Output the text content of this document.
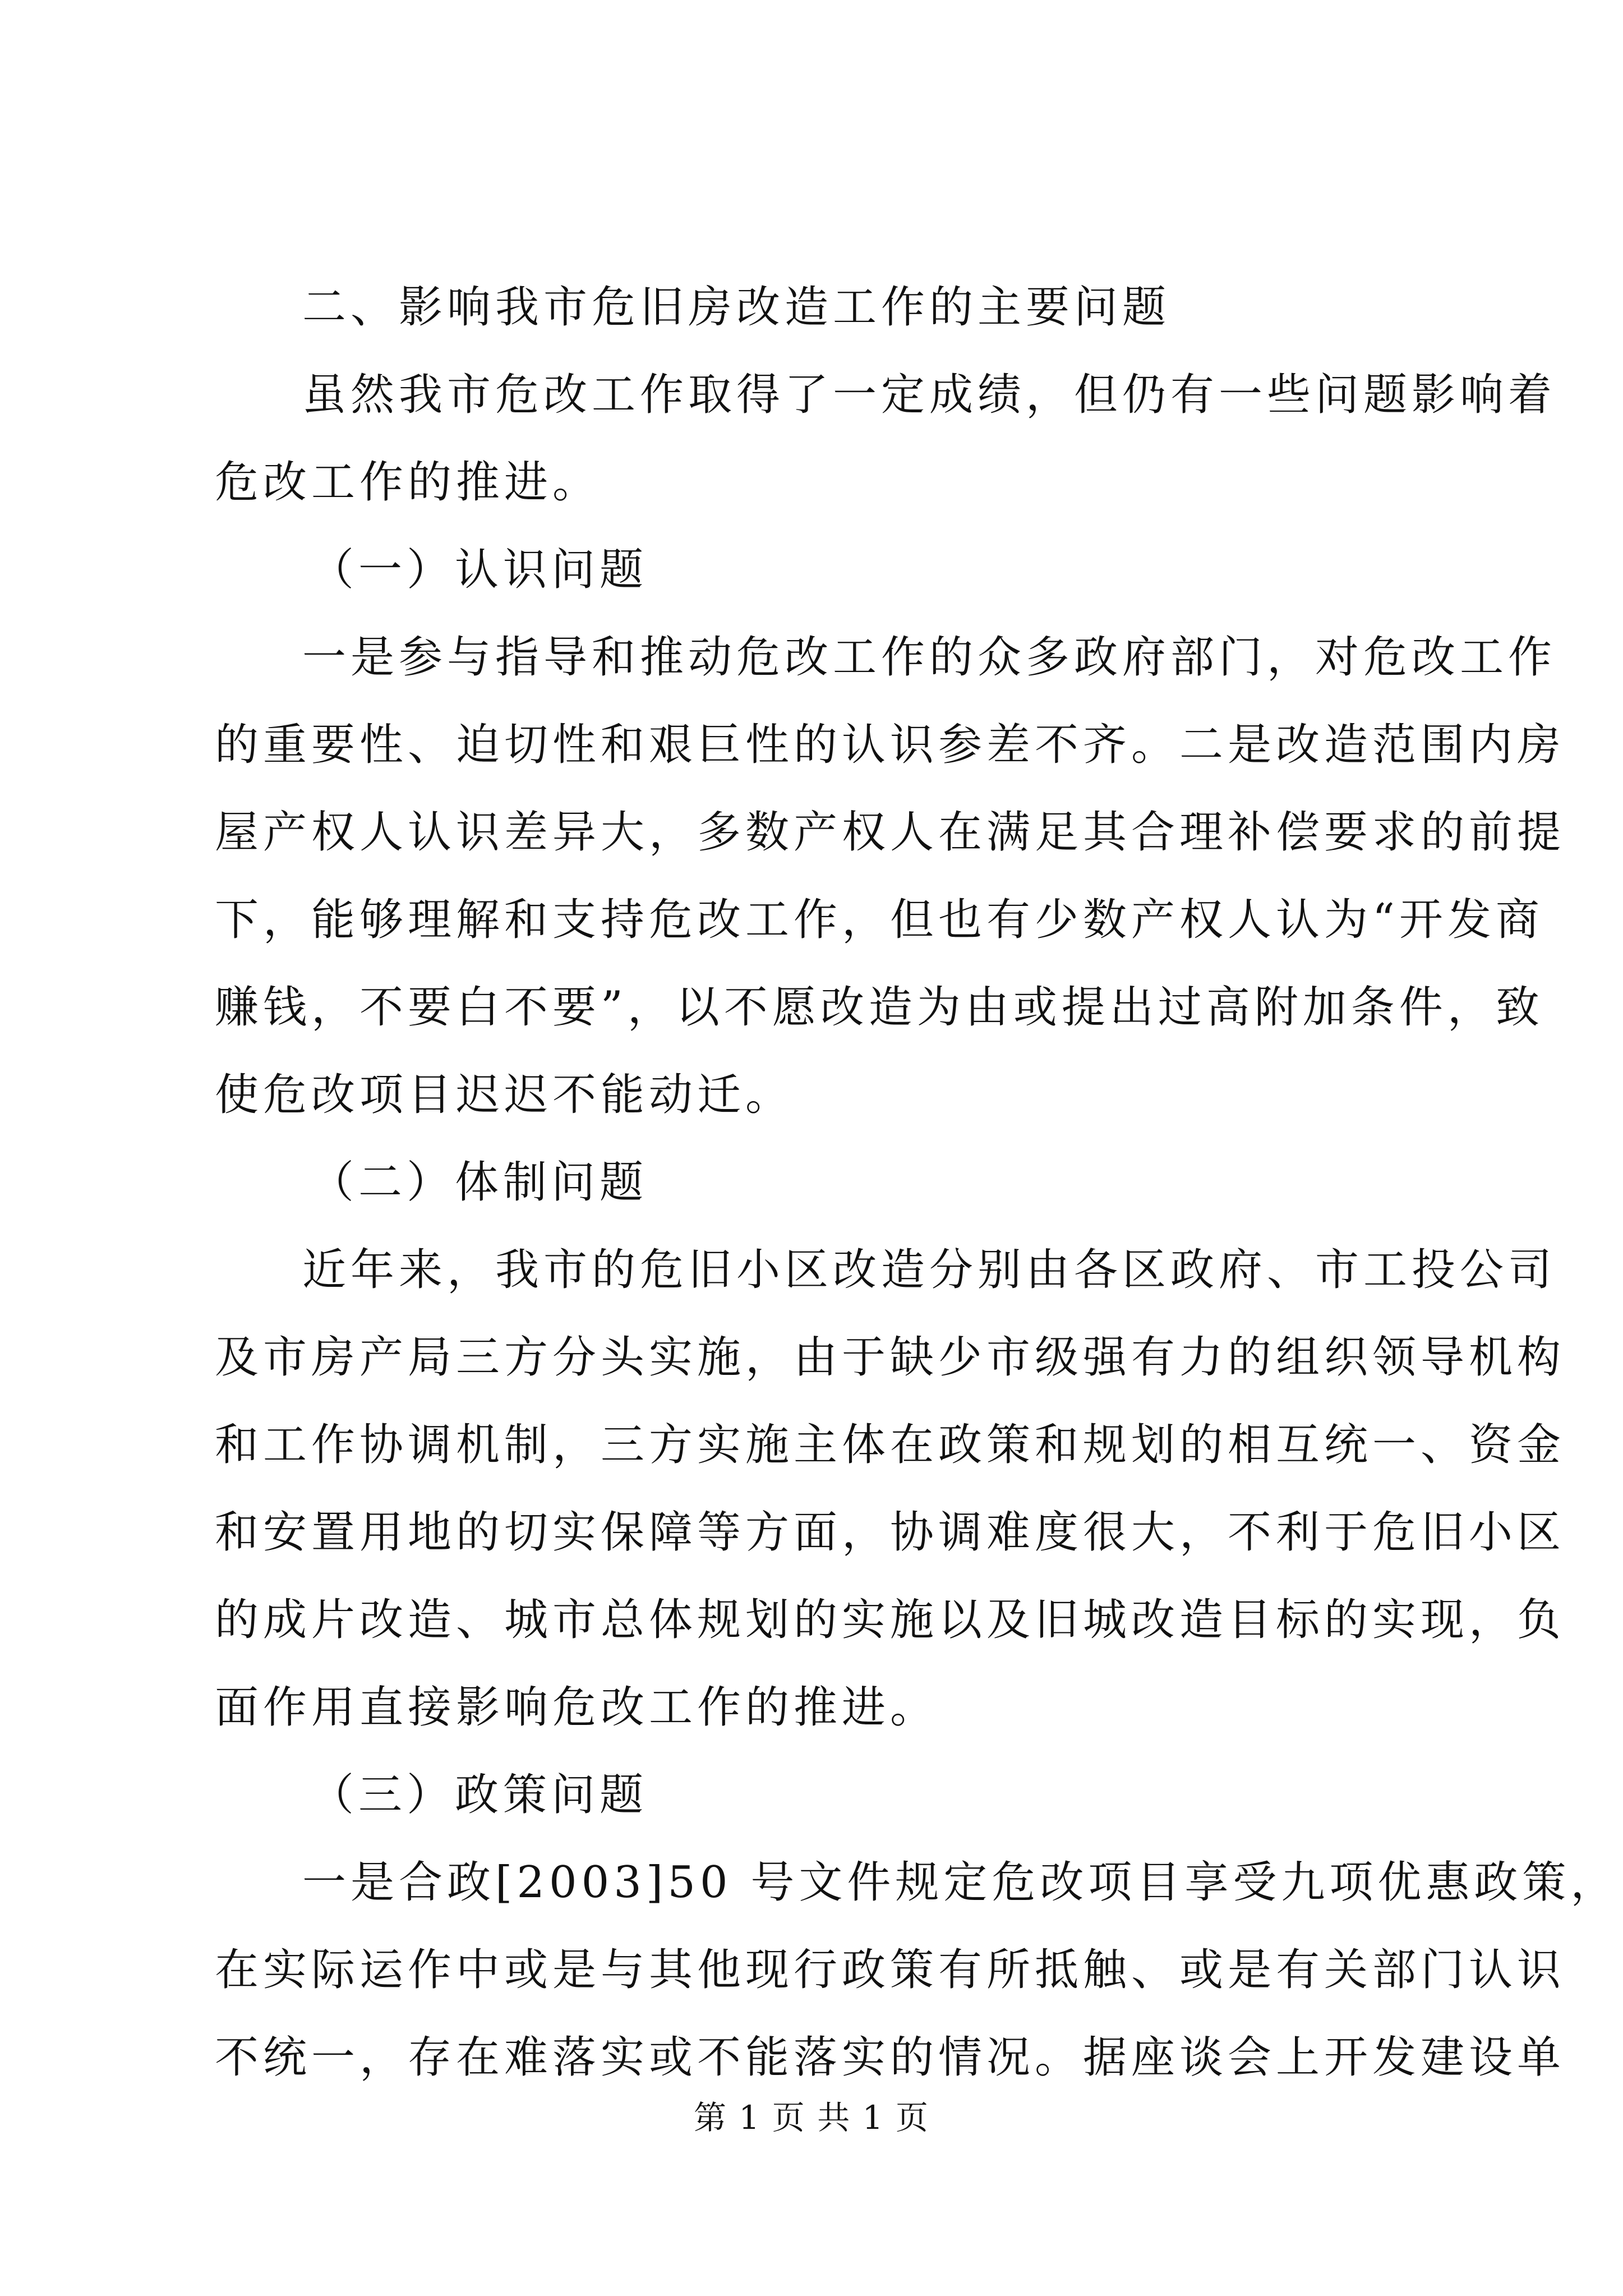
二、影响我市危旧房改造工作的主要问题
虽然我市危改工作取得了一定成绩，但仍有一些问题影响着
危改工作的推进。
（一）认识问题
一是参与指导和推动危改工作的众多政府部门，对危改工作
的重要性、迫切性和艰巨性的认识参差不齐。二是改造范围内房
屋产权人认识差异大，多数产权人在满足其合理补偿要求的前提
下，能够理解和支持危改工作，但也有少数产权人认为“开发商
赚钱，不要白不要”，以不愿改造为由或提出过高附加条件，致
使危改项目迟迟不能动迁。
（二）体制问题
近年来，我市的危旧小区改造分别由各区政府、市工投公司
及市房产局三方分头实施，由于缺少市级强有力的组织领导机构
和工作协调机制，三方实施主体在政策和规划的相互统一、资金
和安置用地的切实保障等方面，协调难度很大，不利于危旧小区
的成片改造、城市总体规划的实施以及旧城改造目标的实现，负
面作用直接影响危改工作的推进。
（三）政策问题
一是合政[2003]50 号文件规定危改项目享受九项优惠政策，
在实际运作中或是与其他现行政策有所抵触、或是有关部门认识
不统一，存在难落实或不能落实的情况。据座谈会上开发建设单
第 1 页 共 1 页
